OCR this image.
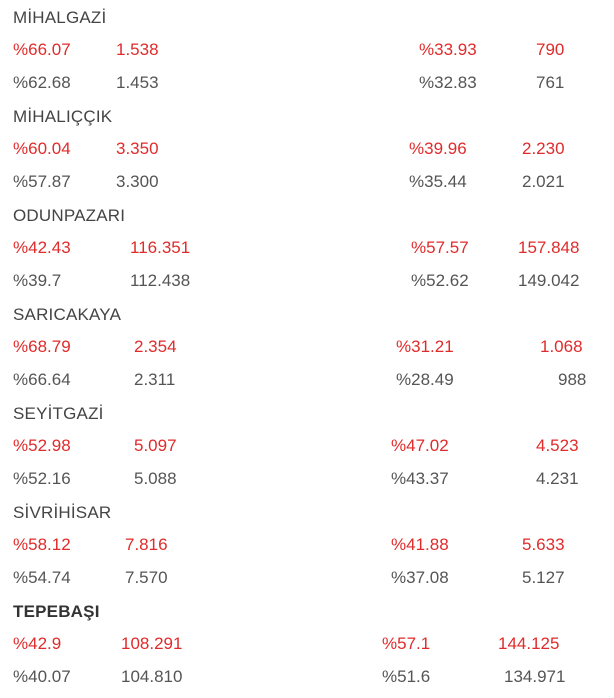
MİHALGAZİ
%66.07	1.538	%33.93	790
%62.68	1.453	%32.83	761
MİHALIÇÇIK
%60.04	3.350	%39.96	2.230
%57.87	3.300	%35.44	2.021
ODUNPAZARI
%42.43	116.351	%57.57	157.848
%39.7	112.438	%52.62	149.042
SARICAKAYA
%68.79	2.354	%31.21	1.068
%66.64	2.311	%28.49	988
SEYİTGAZİ
%52.98	5.097	%47.02	4.523
%52.16	5.088	%43.37	4.231
SİVRİHİSAR
%58.12	7.816	%41.88	5.633
%54.74	7.570	%37.08	5.127
TEPEBAŞI
%42.9	108.291	%57.1	144.125
%40.07	104.810	%51.6	134.971
